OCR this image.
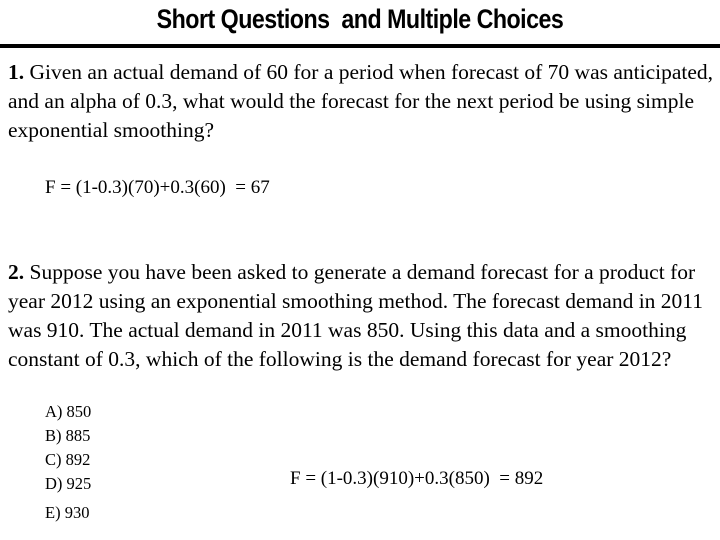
Short Questions  and Multiple Choices
1. Given an actual demand of 60 for a period when forecast of 70 was anticipated, and an alpha of 0.3, what would the forecast for the next period be using simple exponential smoothing?
F = (1-0.3)(70)+0.3(60)  = 67
2. Suppose you have been asked to generate a demand forecast for a product for year 2012 using an exponential smoothing method. The forecast demand in 2011 was 910. The actual demand in 2011 was 850. Using this data and a smoothing constant of 0.3, which of the following is the demand forecast for year 2012?
A) 850
B) 885
C) 892
D) 925
E) 930
F = (1-0.3)(910)+0.3(850)  = 892
